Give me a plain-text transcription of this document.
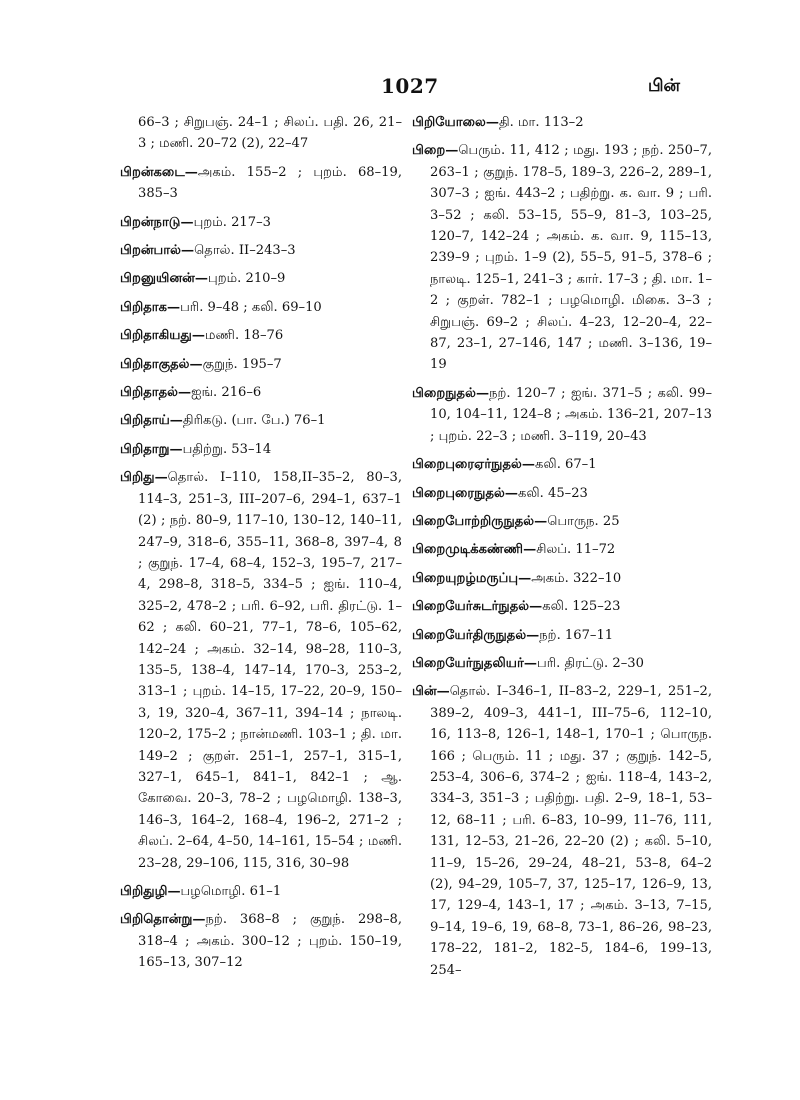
1027	பின்

66–3 ; சிறுபஞ். 24–1 ; சிலப். பதி. 26, 21–3 ; மணி. 20–72 (2), 22–47

பிறன்கடை—அகம். 155–2 ; புறம். 68–19, 385–3

பிறன்நாடு—புறம். 217–3

பிறன்பால்—தொல். II–243–3

பிறனுயினன்—புறம். 210–9

பிறிதாக—பரி. 9–48 ; கலி. 69–10

பிறிதாகியது—மணி. 18–76

பிறிதாகுதல்—குறுந். 195–7

பிறிதாதல்—ஐங். 216–6

பிறிதாய்—திரிகடு. (பா. பே.) 76–1

பிறிதாறு—பதிற்று. 53–14

பிறிது—தொல். I–110, 158,II–35–2, 80–3, 114–3, 251–3, III–207–6, 294–1, 637–1 (2) ; நற். 80–9, 117–10, 130–12, 140–11, 247–9, 318–6, 355–11, 368–8, 397–4, 8 ; குறுந். 17–4, 68–4, 152–3, 195–7, 217–4, 298–8, 318–5, 334–5 ; ஐங். 110–4, 325–2, 478–2 ; பரி. 6–92, பரி. திரட்டு. 1–62 ; கலி. 60–21, 77–1, 78–6, 105–62, 142–24 ; அகம். 32–14, 98–28, 110–3, 135–5, 138–4, 147–14, 170–3, 253–2, 313–1 ; புறம். 14–15, 17–22, 20–9, 150–3, 19, 320–4, 367–11, 394–14 ; நாலடி. 120–2, 175–2 ; நான்மணி. 103–1 ; தி. மா. 149–2 ; குறள். 251–1, 257–1, 315–1, 327–1, 645–1, 841–1, 842–1 ; ஆ. கோவை. 20–3, 78–2 ; பழமொழி. 138–3, 146–3, 164–2, 168–4, 196–2, 271–2 ; சிலப். 2–64, 4–50, 14–161, 15–54 ; மணி. 23–28, 29–106, 115, 316, 30–98

பிறிதுழி—பழமொழி. 61–1

பிறிதொன்று—நற். 368–8 ; குறுந். 298–8, 318–4 ; அகம். 300–12 ; புறம். 150–19, 165–13, 307–12

பிறியோலை—தி. மா. 113–2

பிறை—பெரும். 11, 412 ; மது. 193 ; நற். 250–7, 263–1 ; குறுந். 178–5, 189–3, 226–2, 289–1, 307–3 ; ஐங். 443–2 ; பதிற்று. க. வா. 9 ; பரி. 3–52 ; கலி. 53–15, 55–9, 81–3, 103–25, 120–7, 142–24 ; அகம். க. வா. 9, 115–13, 239–9 ; புறம். 1–9 (2), 55–5, 91–5, 378–6 ; நாலடி. 125–1, 241–3 ; கார். 17–3 ; தி. மா. 1–2 ; குறள். 782–1 ; பழமொழி. மிகை. 3–3 ; சிறுபஞ். 69–2 ; சிலப். 4–23, 12–20–4, 22–87, 23–1, 27–146, 147 ; மணி. 3–136, 19–19

பிறைநுதல்—நற். 120–7 ; ஐங். 371–5 ; கலி. 99–10, 104–11, 124–8 ; அகம். 136–21, 207–13 ; புறம். 22–3 ; மணி. 3–119, 20–43

பிறைபுரைஏர்நுதல்—கலி. 67–1

பிறைபுரைநுதல்—கலி. 45–23

பிறைபோற்றிருநுதல்—பொருந. 25

பிறைமுடிக்கண்ணி—சிலப். 11–72

பிறையுறழ்மருப்பு—அகம். 322–10

பிறையேர்சுடர்நுதல்—கலி. 125–23

பிறையேர்திருநுதல்—நற். 167–11

பிறையேர்நுதலியர்—பரி. திரட்டு. 2–30

பின்—தொல். I–346–1, II–83–2, 229–1, 251–2, 389–2, 409–3, 441–1, III–75–6, 112–10, 16, 113–8, 126–1, 148–1, 170–1 ; பொருந. 166 ; பெரும். 11 ; மது. 37 ; குறுந். 142–5, 253–4, 306–6, 374–2 ; ஐங். 118–4, 143–2, 334–3, 351–3 ; பதிற்று. பதி. 2–9, 18–1, 53–12, 68–11 ; பரி. 6–83, 10–99, 11–76, 111, 131, 12–53, 21–26, 22–20 (2) ; கலி. 5–10, 11–9, 15–26, 29–24, 48–21, 53–8, 64–2 (2), 94–29, 105–7, 37, 125–17, 126–9, 13, 17, 129–4, 143–1, 17 ; அகம். 3–13, 7–15, 9–14, 19–6, 19, 68–8, 73–1, 86–26, 98–23, 178–22, 181–2, 182–5, 184–6, 199–13, 254–
